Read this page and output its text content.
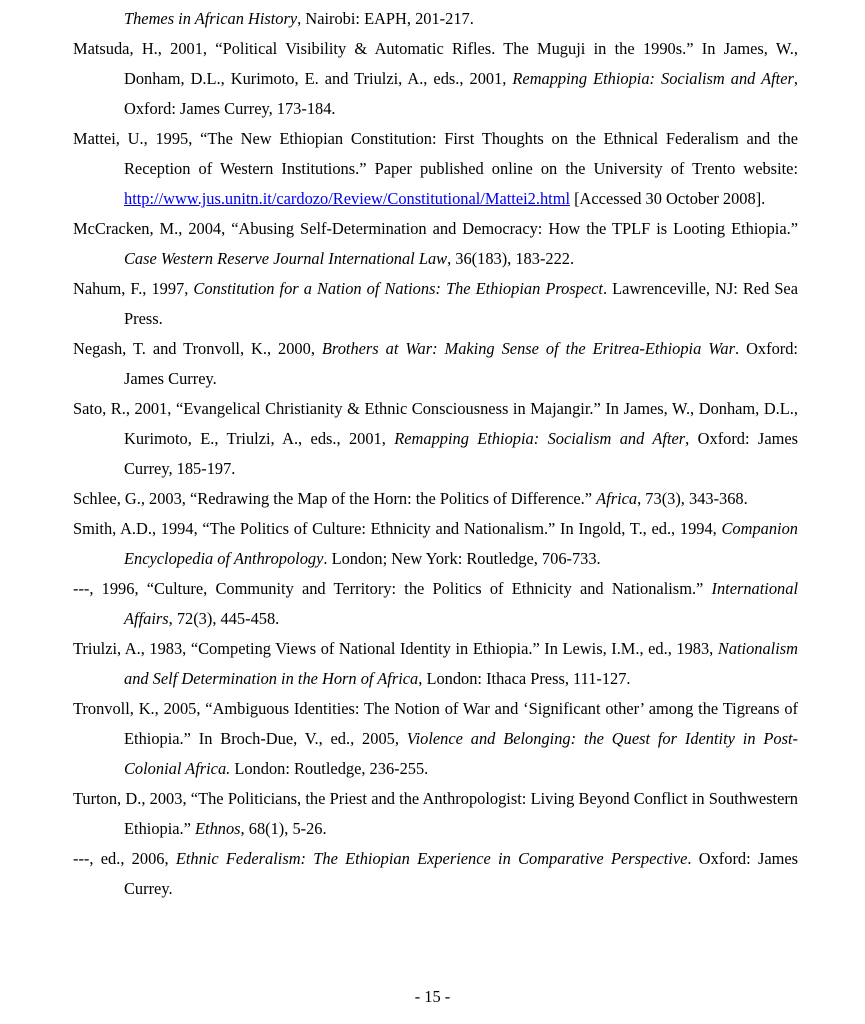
Themes in African History, Nairobi: EAPH, 201-217.

Matsuda, H., 2001, “Political Visibility & Automatic Rifles. The Muguji in the 1990s.” In James, W., Donham, D.L., Kurimoto, E. and Triulzi, A., eds., 2001, Remapping Ethiopia: Socialism and After, Oxford: James Currey, 173-184.

Mattei, U., 1995, “The New Ethiopian Constitution: First Thoughts on the Ethnical Federalism and the Reception of Western Institutions.” Paper published online on the University of Trento website: http://www.jus.unitn.it/cardozo/Review/Constitutional/Mattei2.html [Accessed 30 October 2008].

McCracken, M., 2004, “Abusing Self-Determination and Democracy: How the TPLF is Looting Ethiopia.” Case Western Reserve Journal International Law, 36(183), 183-222.

Nahum, F., 1997, Constitution for a Nation of Nations: The Ethiopian Prospect. Lawrenceville, NJ: Red Sea Press.

Negash, T. and Tronvoll, K., 2000, Brothers at War: Making Sense of the Eritrea-Ethiopia War. Oxford: James Currey.

Sato, R., 2001, “Evangelical Christianity & Ethnic Consciousness in Majangir.” In James, W., Donham, D.L., Kurimoto, E., Triulzi, A., eds., 2001, Remapping Ethiopia: Socialism and After, Oxford: James Currey, 185-197.

Schlee, G., 2003, “Redrawing the Map of the Horn: the Politics of Difference.” Africa, 73(3), 343-368.

Smith, A.D., 1994, “The Politics of Culture: Ethnicity and Nationalism.” In Ingold, T., ed., 1994, Companion Encyclopedia of Anthropology. London; New York: Routledge, 706-733.

---, 1996, “Culture, Community and Territory: the Politics of Ethnicity and Nationalism.” International Affairs, 72(3), 445-458.

Triulzi, A., 1983, “Competing Views of National Identity in Ethiopia.” In Lewis, I.M., ed., 1983, Nationalism and Self Determination in the Horn of Africa, London: Ithaca Press, 111-127.

Tronvoll, K., 2005, “Ambiguous Identities: The Notion of War and ‘Significant other’ among the Tigreans of Ethiopia.” In Broch-Due, V., ed., 2005, Violence and Belonging: the Quest for Identity in Post-Colonial Africa. London: Routledge, 236-255.

Turton, D., 2003, “The Politicians, the Priest and the Anthropologist: Living Beyond Conflict in Southwestern Ethiopia.” Ethnos, 68(1), 5-26.

---, ed., 2006, Ethnic Federalism: The Ethiopian Experience in Comparative Perspective. Oxford: James Currey.

- 15 -
